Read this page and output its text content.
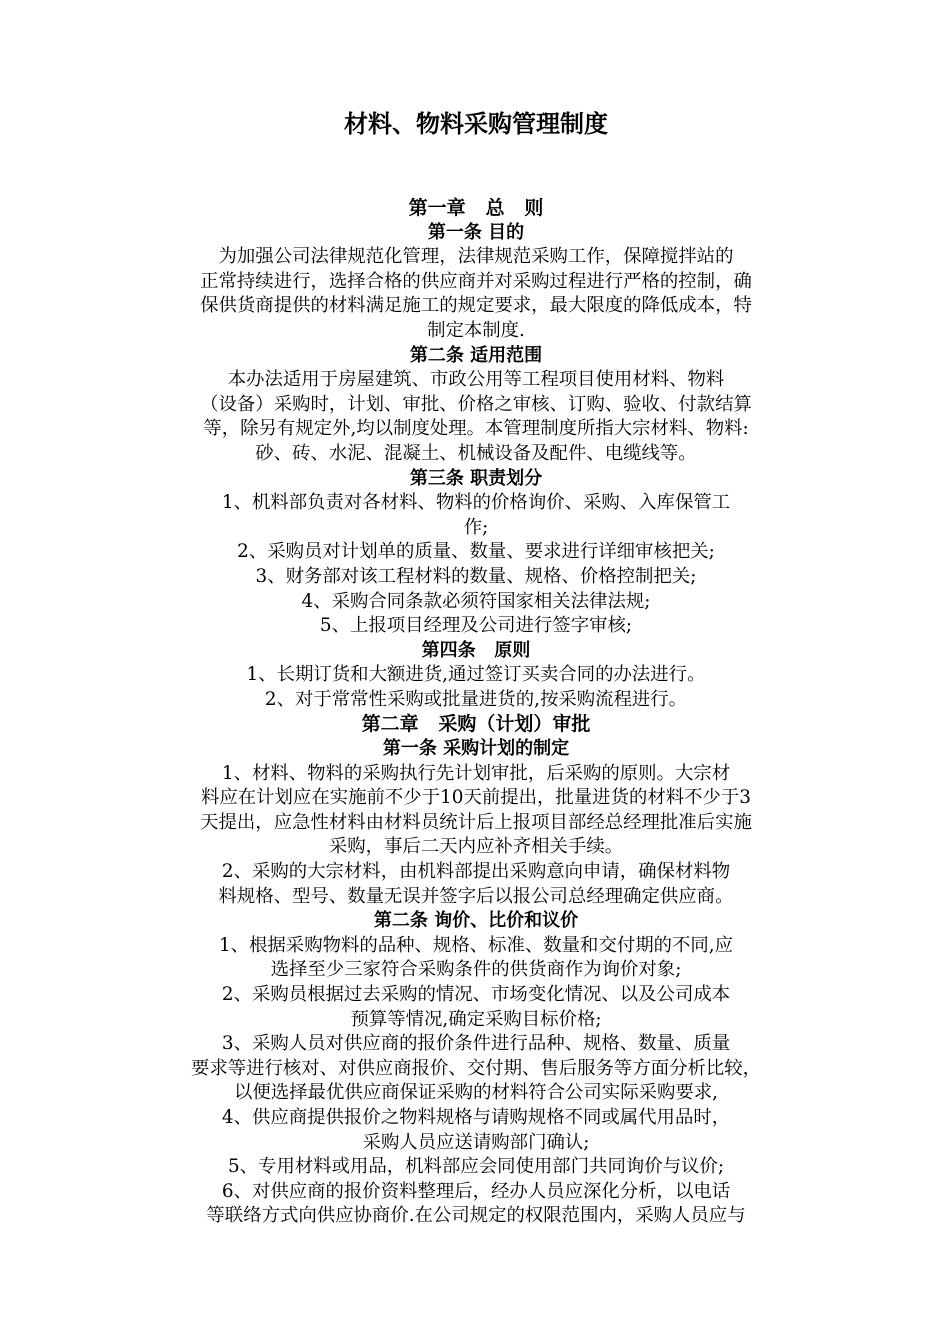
材料、物料采购管理制度

第一章   总   则

第一条 目的

为加强公司法律规范化管理，法律规范采购工作，保障搅拌站的

正常持续进行，选择合格的供应商并对采购过程进行严格的控制，确

保供货商提供的材料满足施工的规定要求，最大限度的降低成本，特

制定本制度.

第二条 适用范围

本办法适用于房屋建筑、市政公用等工程项目使用材料、物料

（设备）采购时，计划、审批、价格之审核、订购、验收、付款结算

等，除另有规定外,均以制度处理。本管理制度所指大宗材料、物料:

砂、砖、水泥、混凝土、机械设备及配件、电缆线等。

第三条 职责划分

1、机料部负责对各材料、物料的价格询价、采购、入库保管工

作;

2、采购员对计划单的质量、数量、要求进行详细审核把关;

3、财务部对该工程材料的数量、规格、价格控制把关;

4、采购合同条款必须符国家相关法律法规;

5、上报项目经理及公司进行签字审核;

第四条   原则

1、长期订货和大额进货,通过签订买卖合同的办法进行。

2、对于常常性采购或批量进货的,按采购流程进行。

第二章   采购（计划）审批

第一条 采购计划的制定

1、材料、物料的采购执行先计划审批，后采购的原则。大宗材

料应在计划应在实施前不少于10天前提出，批量进货的材料不少于3

天提出，应急性材料由材料员统计后上报项目部经总经理批准后实施

采购，事后二天内应补齐相关手续。

2、采购的大宗材料，由机料部提出采购意向申请，确保材料物

料规格、型号、数量无误并签字后以报公司总经理确定供应商。

第二条 询价、比价和议价

1、根据采购物料的品种、规格、标准、数量和交付期的不同,应

选择至少三家符合采购条件的供货商作为询价对象;

2、采购员根据过去采购的情况、市场变化情况、以及公司成本

预算等情况,确定采购目标价格;

3、采购人员对供应商的报价条件进行品种、规格、数量、质量

要求等进行核对、对供应商报价、交付期、售后服务等方面分析比较，

以便选择最优供应商保证采购的材料符合公司实际采购要求,

4、供应商提供报价之物料规格与请购规格不同或属代用品时，

采购人员应送请购部门确认;

5、专用材料或用品，机料部应会同使用部门共同询价与议价;

6、对供应商的报价资料整理后，经办人员应深化分析，以电话

等联络方式向供应协商价.在公司规定的权限范围内，采购人员应与
